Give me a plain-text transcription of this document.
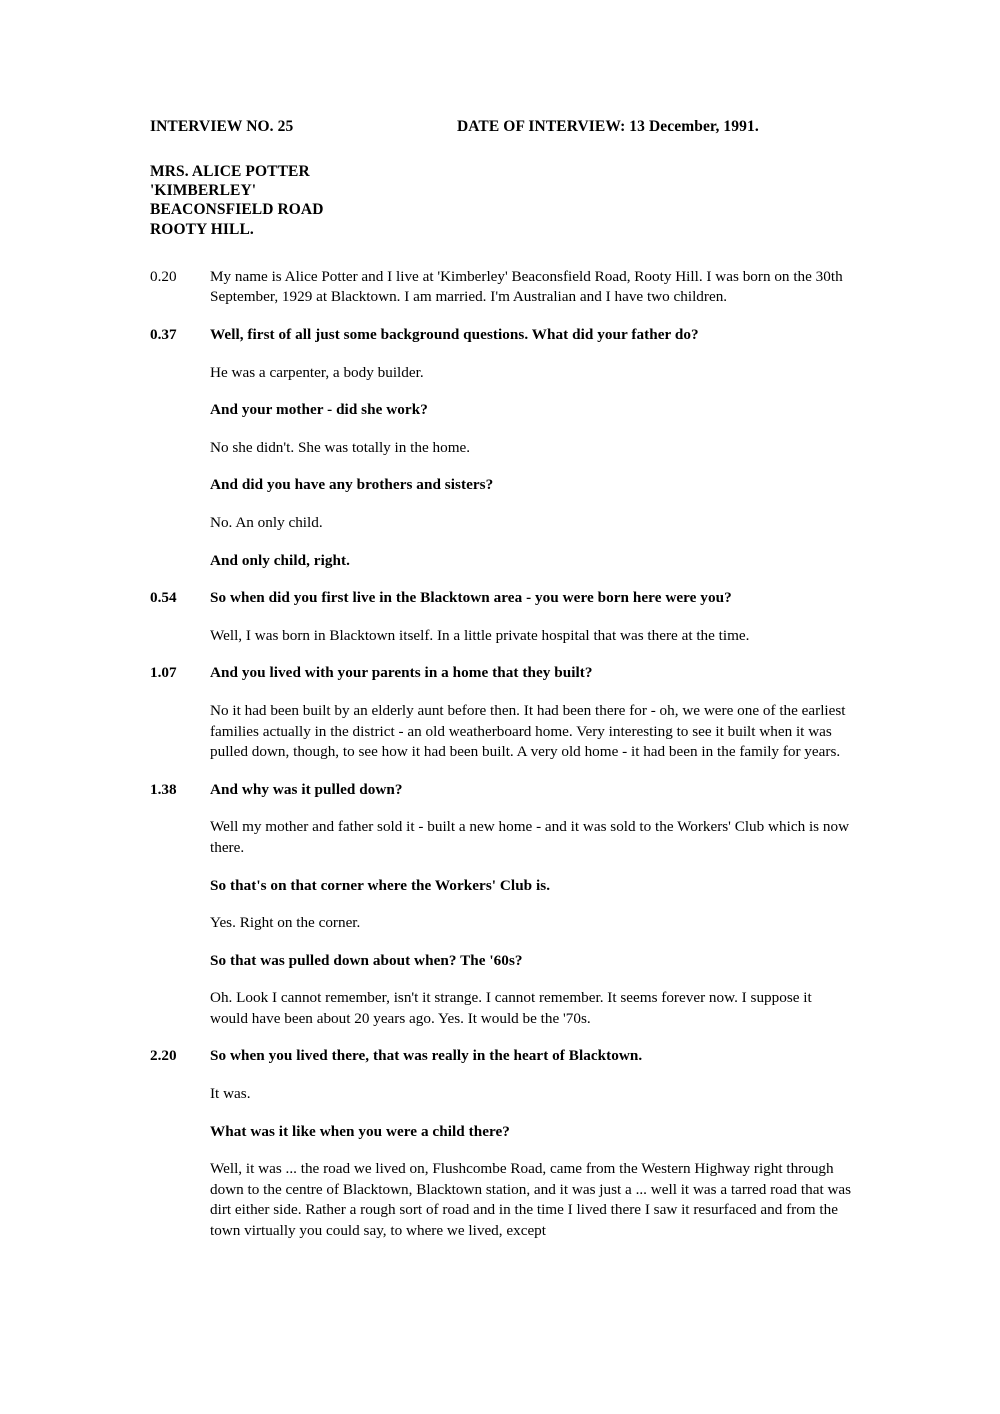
INTERVIEW NO. 25	DATE OF INTERVIEW: 13 December, 1991.
MRS. ALICE POTTER
'KIMBERLEY'
BEACONSFIELD ROAD
ROOTY HILL.
0.20	My name is Alice Potter and I live at 'Kimberley' Beaconsfield Road, Rooty Hill. I was born on the 30th September, 1929 at Blacktown. I am married. I'm Australian and I have two children.
0.37	Well, first of all just some background questions. What did your father do?
He was a carpenter, a body builder.
And your mother - did she work?
No she didn't. She was totally in the home.
And did you have any brothers and sisters?
No. An only child.
And only child, right.
0.54	So when did you first live in the Blacktown area - you were born here were you?
Well, I was born in Blacktown itself. In a little private hospital that was there at the time.
1.07	And you lived with your parents in a home that they built?
No it had been built by an elderly aunt before then. It had been there for - oh, we were one of the earliest families actually in the district - an old weatherboard home. Very interesting to see it built when it was pulled down, though, to see how it had been built. A very old home - it had been in the family for years.
1.38	And why was it pulled down?
Well my mother and father sold it - built a new home - and it was sold to the Workers' Club which is now there.
So that's on that corner where the Workers' Club is.
Yes. Right on the corner.
So that was pulled down about when? The '60s?
Oh. Look I cannot remember, isn't it strange. I cannot remember. It seems forever now. I suppose it would have been about 20 years ago. Yes. It would be the '70s.
2.20	So when you lived there, that was really in the heart of Blacktown.
It was.
What was it like when you were a child there?
Well, it was ... the road we lived on, Flushcombe Road, came from the Western Highway right through down to the centre of Blacktown, Blacktown station, and it was just a ... well it was a tarred road that was dirt either side. Rather a rough sort of road and in the time I lived there I saw it resurfaced and from the town virtually you could say, to where we lived, except
